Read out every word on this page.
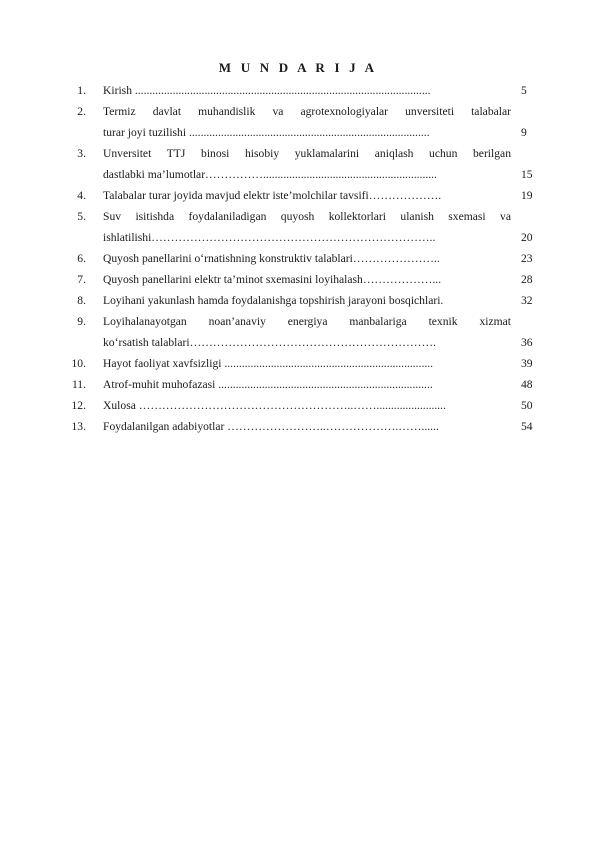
M U N D A R I J A
1. Kirish ......................................................................................................	5
2. Termiz davlat muhandislik va agrotexnologiyalar unversiteti talabalar
turar joyi tuzilishi ...................................................................................	9
3. Unversitet TTJ binosi hisobiy yuklamalarini aniqlash uchun berilgan
dastlabki ma’lumotlar……………............................................................	15
4. Talabalar turar joyida mavjud elektr iste’molchilar tavsifi……………….	19
5. Suv isitishda foydalaniladigan quyosh kollektorlari ulanish sxemasi va
ishlatilishi………………………………………………………………..	20
6. Quyosh panellarini o‘rnatishning konstruktiv talablari…………………..	23
7. Quyosh panellarini elektr ta’minot sxemasini loyihalash………………...	28
8. Loyihani yakunlash hamda foydalanishga topshirish jarayoni bosqichlari.	32
9. Loyihalanayotgan noan’anaviy energiya manbalariga texnik xizmat
ko‘rsatish talablari……………………………………………………….	36
10. Hayot faoliyat xavfsizligi ........................................................................	39
11. Atrof-muhit muhofazasi ..........................................................................	48
12. Xulosa ………………………………………………..……........................	50
13. Foydalanilgan adabiyotlar ……………………..……………….……......	54
